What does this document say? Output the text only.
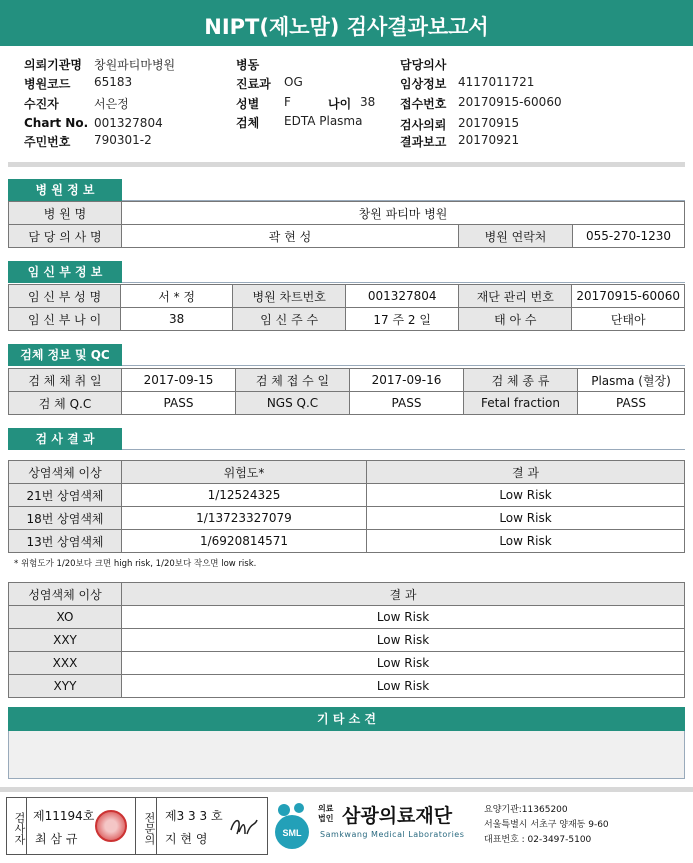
NIPT(제노맘) 검사결과보고서
의뢰기관명 창원파티마병원
병원코드 65183
수진자	서은정
Chart No. 001327804
주민번호 790301-2
병동
진료과 OG
성별 F	나이 38
검체 EDTA Plasma
담당의사
임상정보 4117011721
접수번호 20170915-60060
검사의뢰 20170915
결과보고 20170921
병 원 정 보
병 원 명	창원 파티마 병원		
담 당 의 사 명	곽 현 성	병원 연락처	055-270-1230
임 신 부 정 보
임 신 부 성 명	서 * 정	병원 차트번호	001327804	재단 관리 번호	20170915-60060
임 신 부 나 이	38	임 신 주 수	17 주 2 일	태 아 수	단태아
검체 정보 및 QC
검 체 채 취 일	2017-09-15	검 체 접 수 일	2017-09-16	검 체 종 류	Plasma (혈장)
검 체 Q.C	PASS	NGS Q.C	PASS	Fetal fraction	PASS
검 사 결 과
상염색체 이상	위험도*	결 과
21번 상염색체	1/12524325	Low Risk
18번 상염색체	1/13723327079	Low Risk
13번 상염색체	1/6920814571	Low Risk
* 위험도가 1/20보다 크면 high risk, 1/20보다 작으면 low risk.
성염색체 이상	결 과
XO	Low Risk
XXY	Low Risk
XXX	Low Risk
XYY	Low Risk
기 타 소 견
검사자 제11194호
최 삼 규	전문의 제3 3 3 호
지 현 영	SML
의료
법인 삼광의료재단
Samkwang Medical Laboratories
요양기관:11365200
서울특별시 서초구 양재동 9-60
대표번호 : 02-3497-5100
